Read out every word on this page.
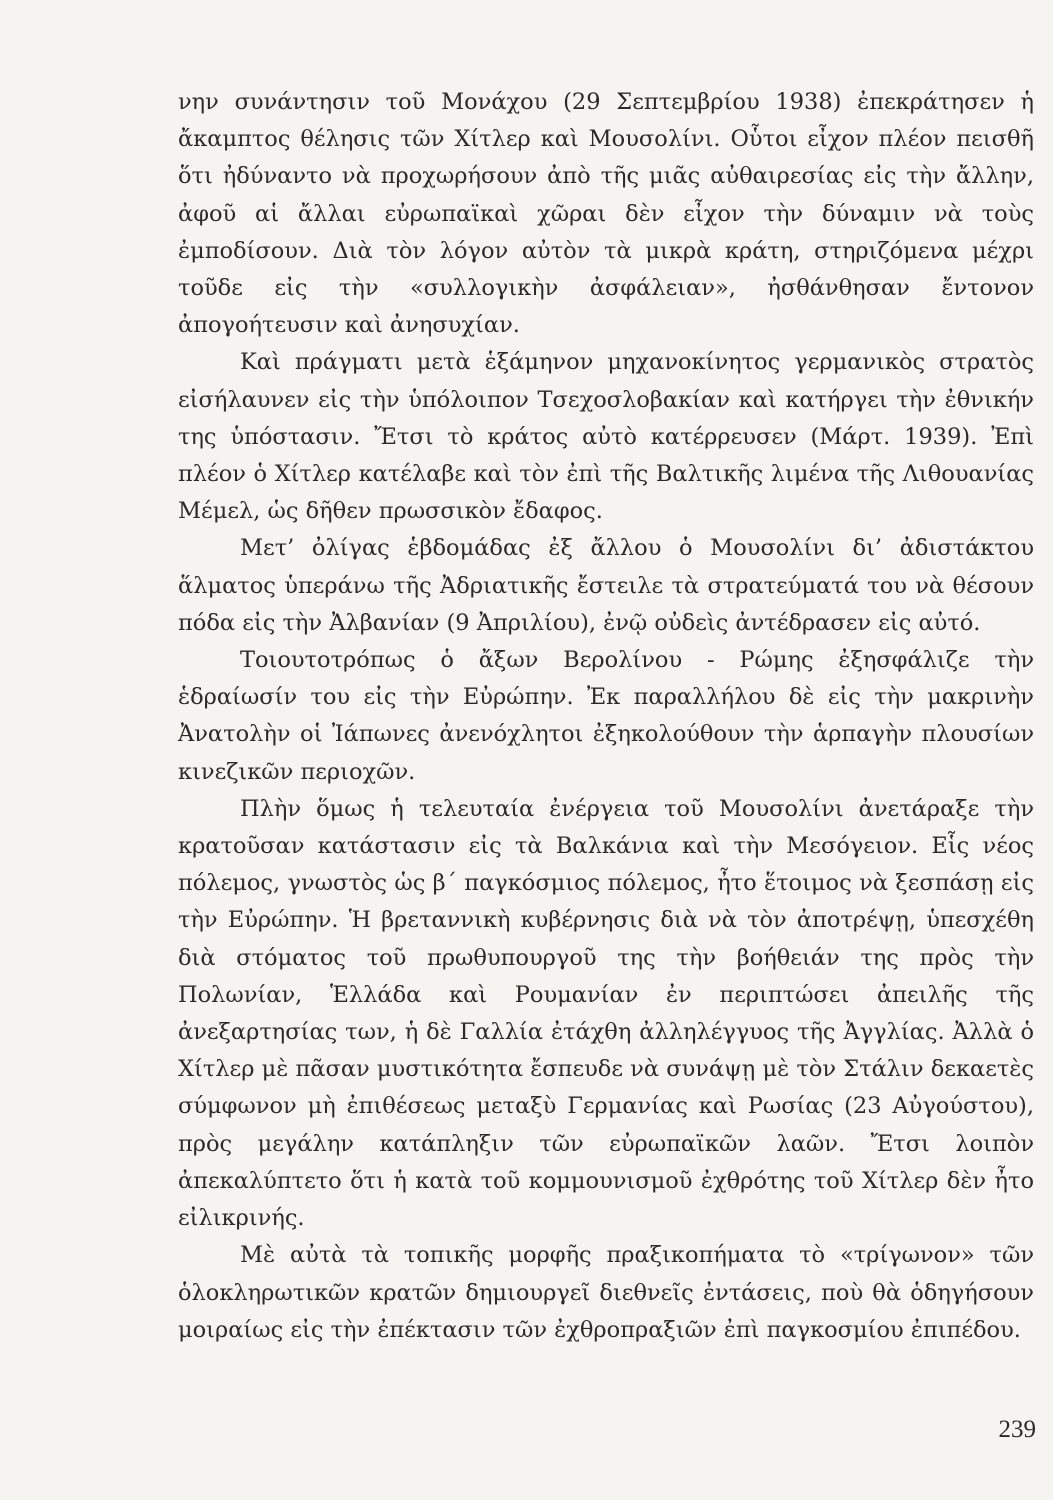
νην συνάντησιν τοῦ Μονάχου (29 Σεπτεμβρίου 1938) ἐπεκράτησεν ἡ ἄκαμπτος θέλησις τῶν Χίτλερ καὶ Μουσολίνι. Οὗτοι εἶχον πλέον πεισθῆ ὅτι ἠδύναντο νὰ προχωρήσουν ἀπὸ τῆς μιᾶς αὐθαιρεσίας εἰς τὴν ἄλλην, ἀφοῦ αἱ ἄλλαι εὐρωπαϊκαὶ χῶραι δὲν εἶχον τὴν δύναμιν νὰ τοὺς ἐμποδίσουν. Διὰ τὸν λόγον αὐτὸν τὰ μικρὰ κράτη, στηριζόμενα μέχρι τοῦδε εἰς τὴν «συλλογικὴν ἀσφάλειαν», ἠσθάνθησαν ἔντονον ἀπογοήτευσιν καὶ ἀνησυχίαν.

Καὶ πράγματι μετὰ ἑξάμηνον μηχανοκίνητος γερμανικὸς στρατὸς εἰσήλαυνεν εἰς τὴν ὑπόλοιπον Τσεχοσλοβακίαν καὶ κατήργει τὴν ἐθνικήν της ὑπόστασιν. Ἔτσι τὸ κράτος αὐτὸ κατέρρευσεν (Μάρτ. 1939). Ἐπὶ πλέον ὁ Χίτλερ κατέλαβε καὶ τὸν ἐπὶ τῆς Βαλτικῆς λιμένα τῆς Λιθουανίας Μέμελ, ὡς δῆθεν πρωσσικὸν ἔδαφος.

Μετ’ ὀλίγας ἑβδομάδας ἐξ ἄλλου ὁ Μουσολίνι δι’ ἀδιστάκτου ἅλματος ὑπεράνω τῆς Ἀδριατικῆς ἔστειλε τὰ στρατεύματά του νὰ θέσουν πόδα εἰς τὴν Ἀλβανίαν (9 Ἀπριλίου), ἐνῷ οὐδεὶς ἀντέδρασεν εἰς αὐτό.

Τοιουτοτρόπως ὁ ἄξων Βερολίνου - Ρώμης ἐξησφάλιζε τὴν ἑδραίωσίν του εἰς τὴν Εὐρώπην. Ἐκ παραλλήλου δὲ εἰς τὴν μακρινὴν Ἀνατολὴν οἱ Ἰάπωνες ἀνενόχλητοι ἐξηκολούθουν τὴν ἁρπαγὴν πλουσίων κινεζικῶν περιοχῶν.

Πλὴν ὅμως ἡ τελευταία ἐνέργεια τοῦ Μουσολίνι ἀνετάραξε τὴν κρατοῦσαν κατάστασιν εἰς τὰ Βαλκάνια καὶ τὴν Μεσόγειον. Εἷς νέος πόλεμος, γνωστὸς ὡς β΄ παγκόσμιος πόλεμος, ἦτο ἕτοιμος νὰ ξεσπάσῃ εἰς τὴν Εὐρώπην. Ἡ βρεταννικὴ κυβέρνησις διὰ νὰ τὸν ἀποτρέψῃ, ὑπεσχέθη διὰ στόματος τοῦ πρωθυπουργοῦ της τὴν βοήθειάν της πρὸς τὴν Πολωνίαν, Ἑλλάδα καὶ Ρουμανίαν ἐν περιπτώσει ἀπειλῆς τῆς ἀνεξαρτησίας των, ἡ δὲ Γαλλία ἐτάχθη ἀλληλέγγυος τῆς Ἀγγλίας. Ἀλλὰ ὁ Χίτλερ μὲ πᾶσαν μυστικότητα ἔσπευδε νὰ συνάψῃ μὲ τὸν Στάλιν δεκαετὲς σύμφωνον μὴ ἐπιθέσεως μεταξὺ Γερμανίας καὶ Ρωσίας (23 Αὐγούστου), πρὸς μεγάλην κατάπληξιν τῶν εὐρωπαϊκῶν λαῶν. Ἔτσι λοιπὸν ἀπεκαλύπτετο ὅτι ἡ κατὰ τοῦ κομμουνισμοῦ ἐχθρότης τοῦ Χίτλερ δὲν ἦτο εἰλικρινής.

Μὲ αὐτὰ τὰ τοπικῆς μορφῆς πραξικοπήματα τὸ «τρίγωνον» τῶν ὁλοκληρωτικῶν κρατῶν δημιουργεῖ διεθνεῖς ἐντάσεις, ποὺ θὰ ὁδηγήσουν μοιραίως εἰς τὴν ἐπέκτασιν τῶν ἐχθροπραξιῶν ἐπὶ παγκοσμίου ἐπιπέδου.

239
